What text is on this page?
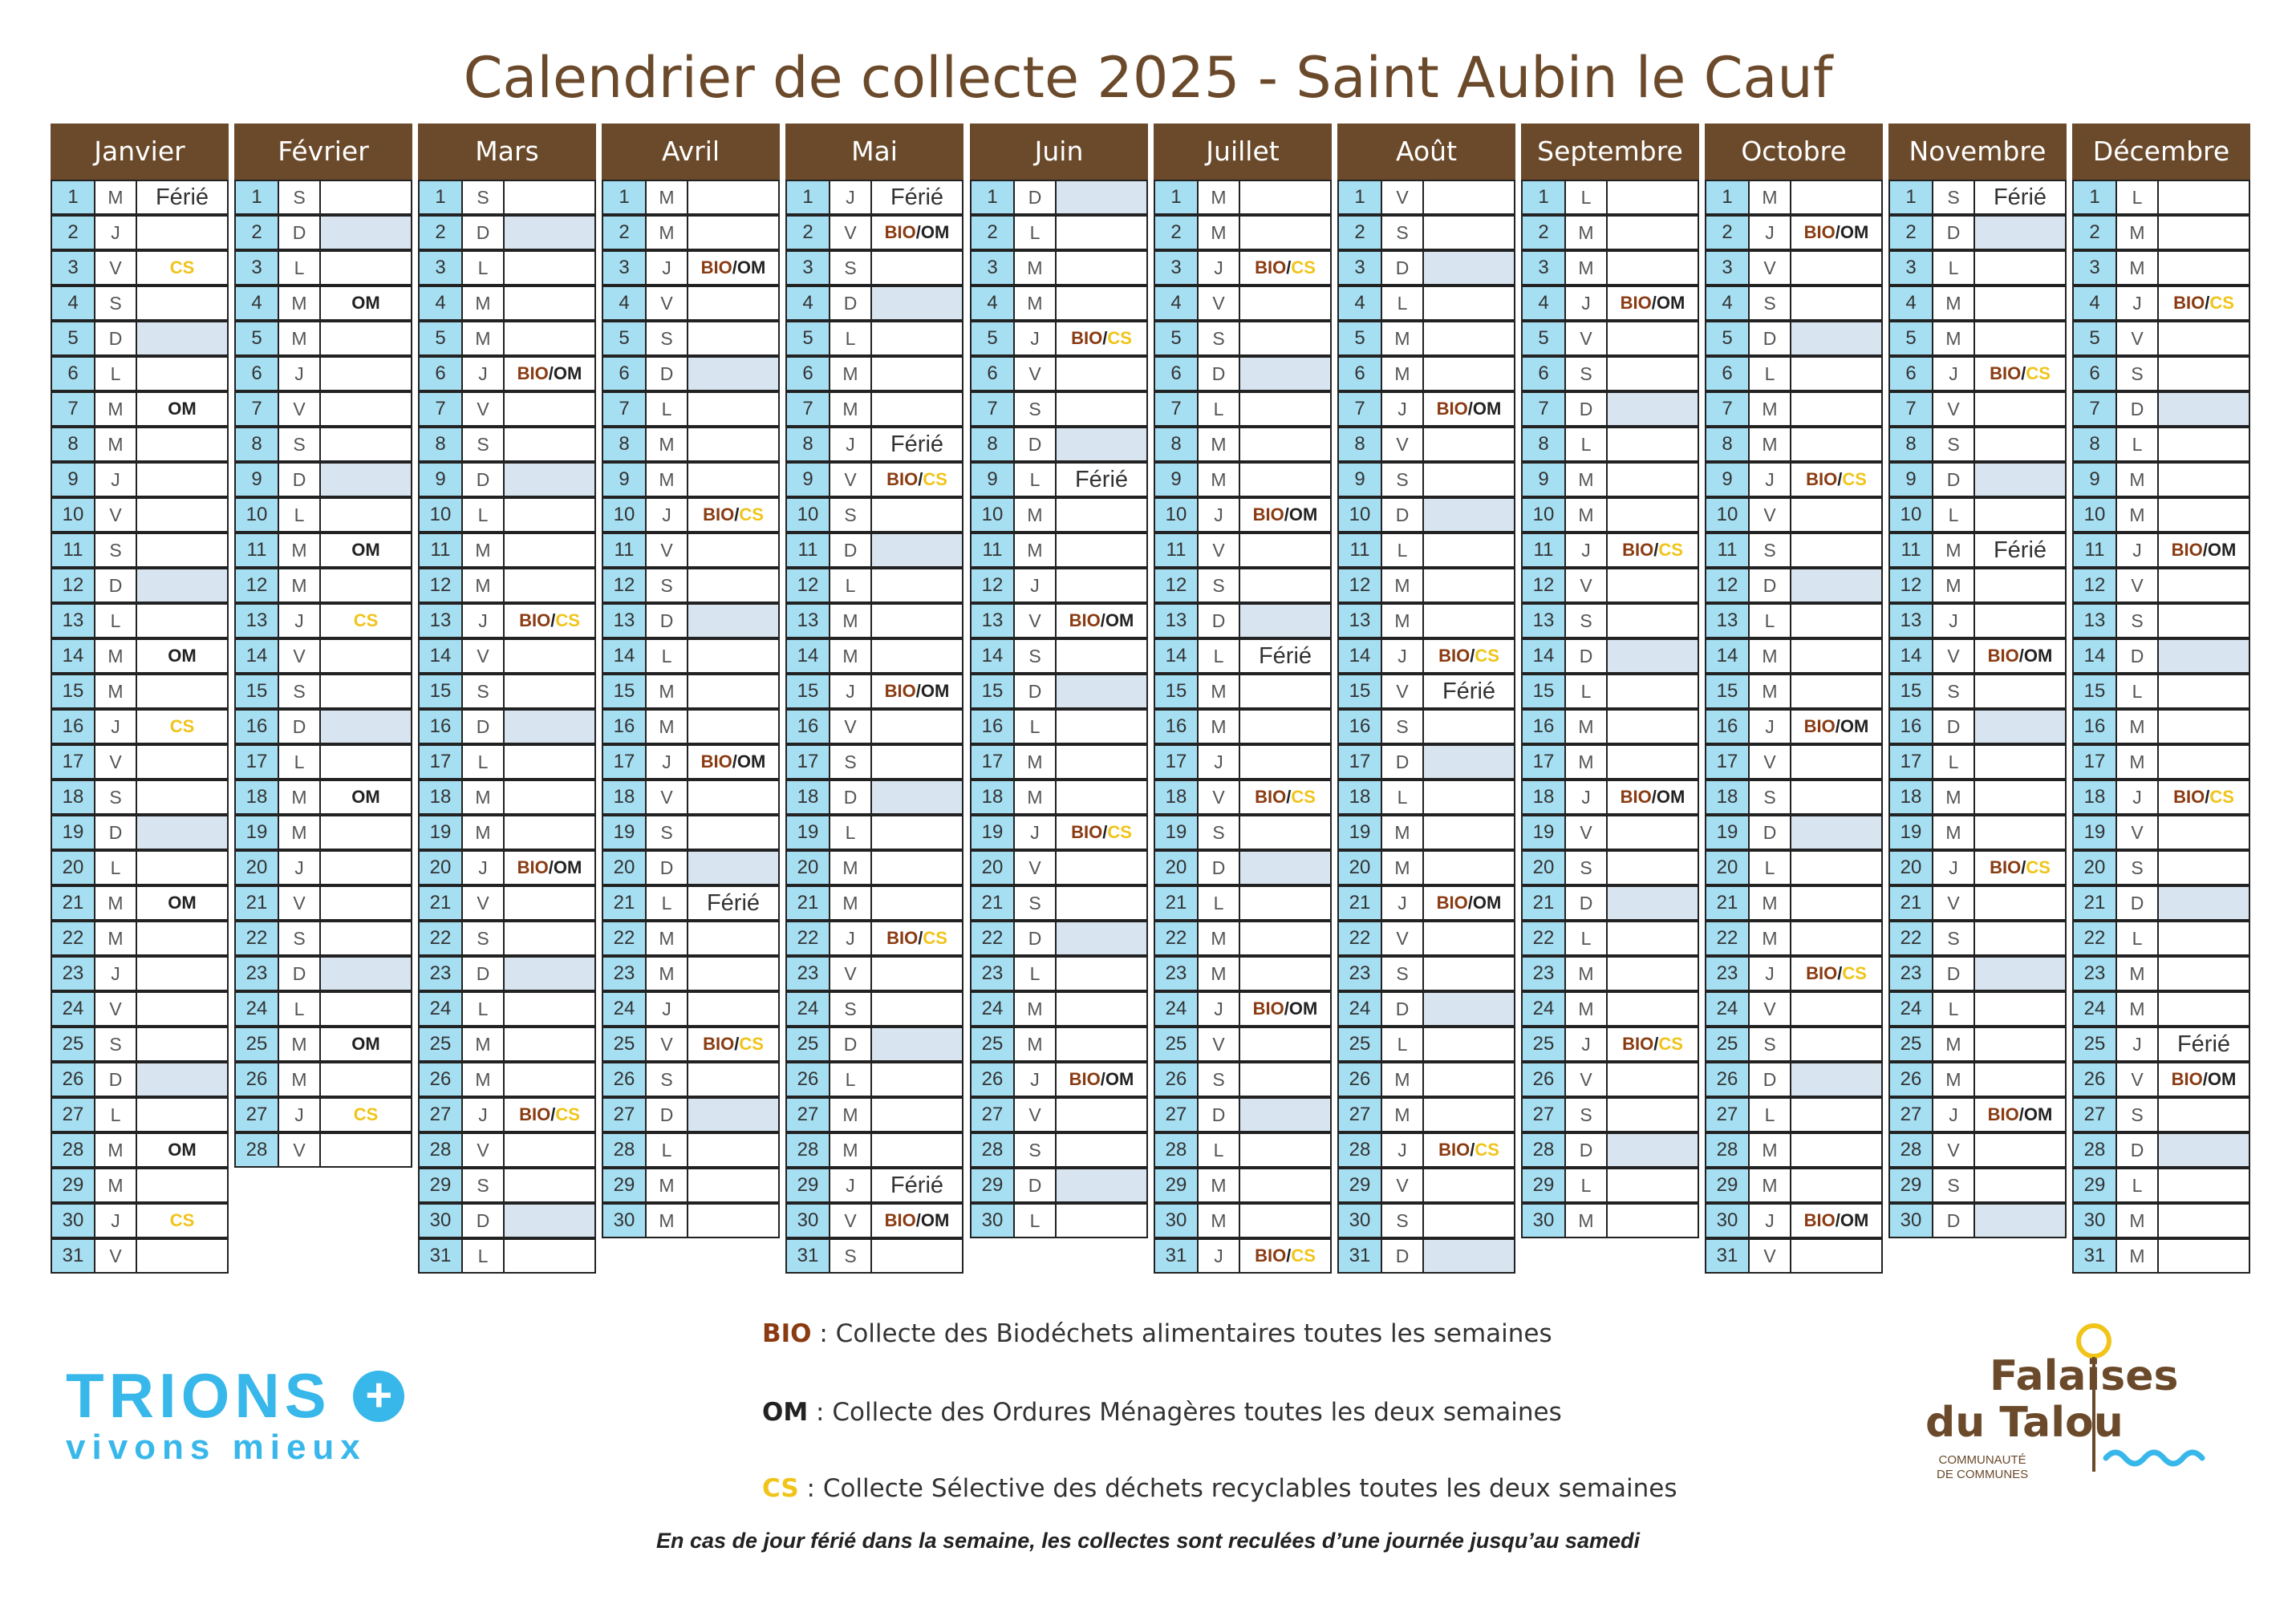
Calendrier de collecte 2025 - Saint Aubin le Cauf
Janvier
1	M	Férié
2	J
3	V	CS
4	S
5	D
6	L
7	M	OM
8	M
9	J
10	V
11	S
12	D
13	L
14	M	OM
15	M
16	J	CS
17	V
18	S
19	D
20	L
21	M	OM
22	M
23	J
24	V
25	S
26	D
27	L
28	M	OM
29	M
30	J	CS
31	V
Février
1	S
2	D
3	L
4	M	OM
5	M
6	J
7	V
8	S
9	D
10	L
11	M	OM
12	M
13	J	CS
14	V
15	S
16	D
17	L
18	M	OM
19	M
20	J
21	V
22	S
23	D
24	L
25	M	OM
26	M
27	J	CS
28	V
Mars
1	S
2	D
3	L
4	M
5	M
6	J	BIO/OM
7	V
8	S
9	D
10	L
11	M
12	M
13	J	BIO/CS
14	V
15	S
16	D
17	L
18	M
19	M
20	J	BIO/OM
21	V
22	S
23	D
24	L
25	M
26	M
27	J	BIO/CS
28	V
29	S
30	D
31	L
Avril
1	M
2	M
3	J	BIO/OM
4	V
5	S
6	D
7	L
8	M
9	M
10	J	BIO/CS
11	V
12	S
13	D
14	L
15	M
16	M
17	J	BIO/OM
18	V
19	S
20	D
21	L	Férié
22	M
23	M
24	J
25	V	BIO/CS
26	S
27	D
28	L
29	M
30	M
Mai
1	J	Férié
2	V	BIO/OM
3	S
4	D
5	L
6	M
7	M
8	J	Férié
9	V	BIO/CS
10	S
11	D
12	L
13	M
14	M
15	J	BIO/OM
16	V
17	S
18	D
19	L
20	M
21	M
22	J	BIO/CS
23	V
24	S
25	D
26	L
27	M
28	M
29	J	Férié
30	V	BIO/OM
31	S
Juin
1	D
2	L
3	M
4	M
5	J	BIO/CS
6	V
7	S
8	D
9	L	Férié
10	M
11	M
12	J
13	V	BIO/OM
14	S
15	D
16	L
17	M
18	M
19	J	BIO/CS
20	V
21	S
22	D
23	L
24	M
25	M
26	J	BIO/OM
27	V
28	S
29	D
30	L
Juillet
1	M
2	M
3	J	BIO/CS
4	V
5	S
6	D
7	L
8	M
9	M
10	J	BIO/OM
11	V
12	S
13	D
14	L	Férié
15	M
16	M
17	J
18	V	BIO/CS
19	S
20	D
21	L
22	M
23	M
24	J	BIO/OM
25	V
26	S
27	D
28	L
29	M
30	M
31	J	BIO/CS
Août
1	V
2	S
3	D
4	L
5	M
6	M
7	J	BIO/OM
8	V
9	S
10	D
11	L
12	M
13	M
14	J	BIO/CS
15	V	Férié
16	S
17	D
18	L
19	M
20	M
21	J	BIO/OM
22	V
23	S
24	D
25	L
26	M
27	M
28	J	BIO/CS
29	V
30	S
31	D
Septembre
1	L
2	M
3	M
4	J	BIO/OM
5	V
6	S
7	D
8	L
9	M
10	M
11	J	BIO/CS
12	V
13	S
14	D
15	L
16	M
17	M
18	J	BIO/OM
19	V
20	S
21	D
22	L
23	M
24	M
25	J	BIO/CS
26	V
27	S
28	D
29	L
30	M
Octobre
1	M
2	J	BIO/OM
3	V
4	S
5	D
6	L
7	M
8	M
9	J	BIO/CS
10	V
11	S
12	D
13	L
14	M
15	M
16	J	BIO/OM
17	V
18	S
19	D
20	L
21	M
22	M
23	J	BIO/CS
24	V
25	S
26	D
27	L
28	M
29	M
30	J	BIO/OM
31	V
Novembre
1	S	Férié
2	D
3	L
4	M
5	M
6	J	BIO/CS
7	V
8	S
9	D
10	L
11	M	Férié
12	M
13	J
14	V	BIO/OM
15	S
16	D
17	L
18	M
19	M
20	J	BIO/CS
21	V
22	S
23	D
24	L
25	M
26	M
27	J	BIO/OM
28	V
29	S
30	D
Décembre
1	L
2	M
3	M
4	J	BIO/CS
5	V
6	S
7	D
8	L
9	M
10	M
11	J	BIO/OM
12	V
13	S
14	D
15	L
16	M
17	M
18	J	BIO/CS
19	V
20	S
21	D
22	L
23	M
24	M
25	J	Férié
26	V	BIO/OM
27	S
28	D
29	L
30	M
31	M
BIO : Collecte des Biodéchets alimentaires toutes les semaines
OM : Collecte des Ordures Ménagères toutes les deux semaines
CS : Collecte Sélective des déchets recyclables toutes les deux semaines
En cas de jour férié dans la semaine, les collectes sont reculées d’une journée jusqu’au samedi
TRIONS +
vivons mieux
Falaises
du Talou
COMMUNAUTÉ
DE COMMUNES
